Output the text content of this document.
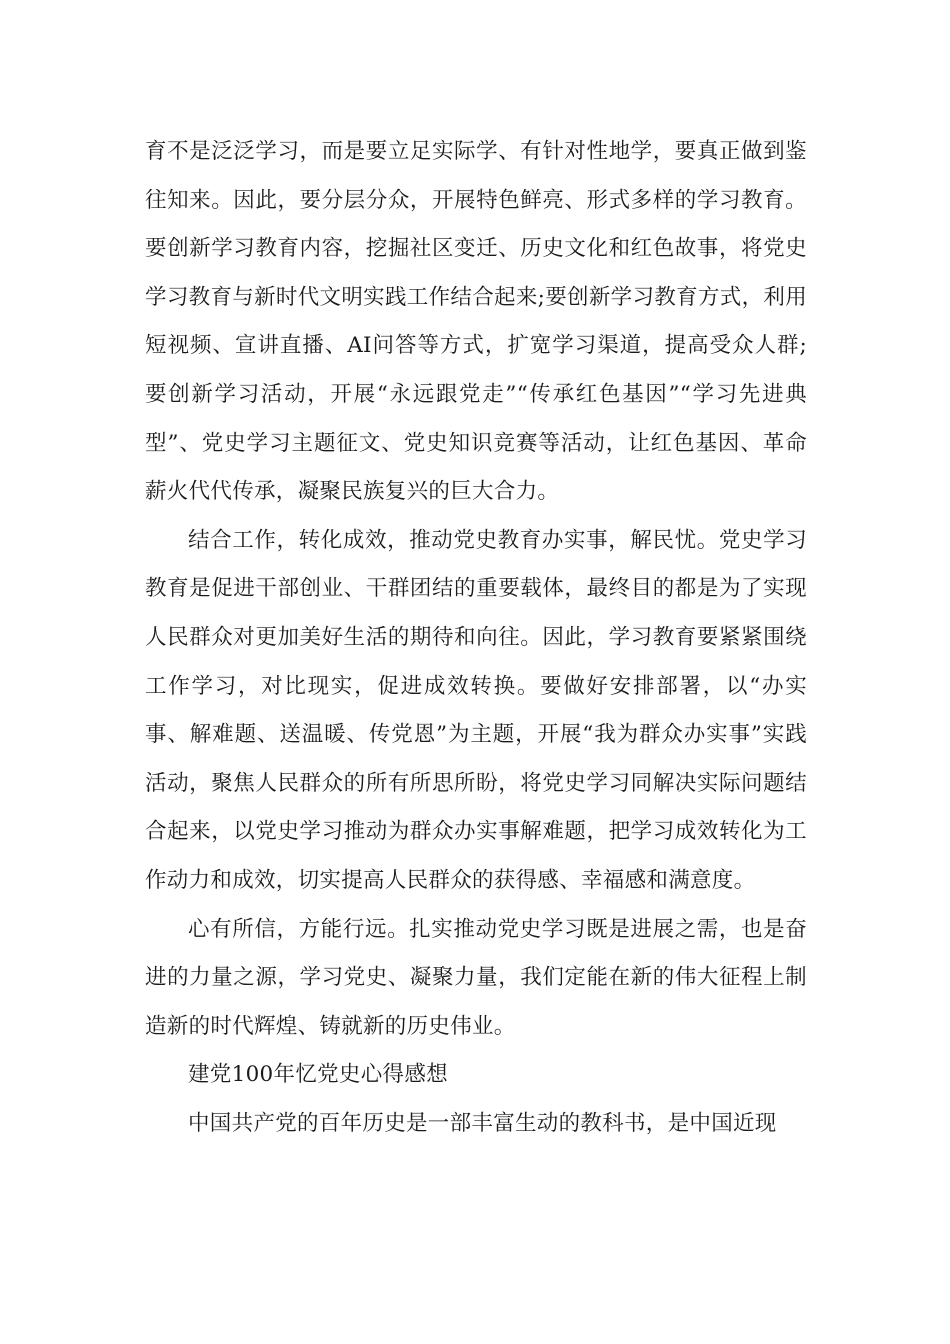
育不是泛泛学习，而是要立足实际学、有针对性地学，要真正做到鉴往知来。因此，要分层分众，开展特色鲜亮、形式多样的学习教育。要创新学习教育内容，挖掘社区变迁、历史文化和红色故事，将党史学习教育与新时代文明实践工作结合起来;要创新学习教育方式，利用短视频、宣讲直播、AI问答等方式，扩宽学习渠道，提高受众人群;要创新学习活动，开展“永远跟党走”“传承红色基因”“学习先进典型”、党史学习主题征文、党史知识竞赛等活动，让红色基因、革命薪火代代传承，凝聚民族复兴的巨大合力。

结合工作，转化成效，推动党史教育办实事，解民忧。党史学习教育是促进干部创业、干群团结的重要载体，最终目的都是为了实现人民群众对更加美好生活的期待和向往。因此，学习教育要紧紧围绕工作学习，对比现实，促进成效转换。要做好安排部署，以“办实事、解难题、送温暖、传党恩”为主题，开展“我为群众办实事”实践活动，聚焦人民群众的所有所思所盼，将党史学习同解决实际问题结合起来，以党史学习推动为群众办实事解难题，把学习成效转化为工作动力和成效，切实提高人民群众的获得感、幸福感和满意度。

心有所信，方能行远。扎实推动党史学习既是进展之需，也是奋进的力量之源，学习党史、凝聚力量，我们定能在新的伟大征程上制造新的时代辉煌、铸就新的历史伟业。

建党100年忆党史心得感想

中国共产党的百年历史是一部丰富生动的教科书，是中国近现
